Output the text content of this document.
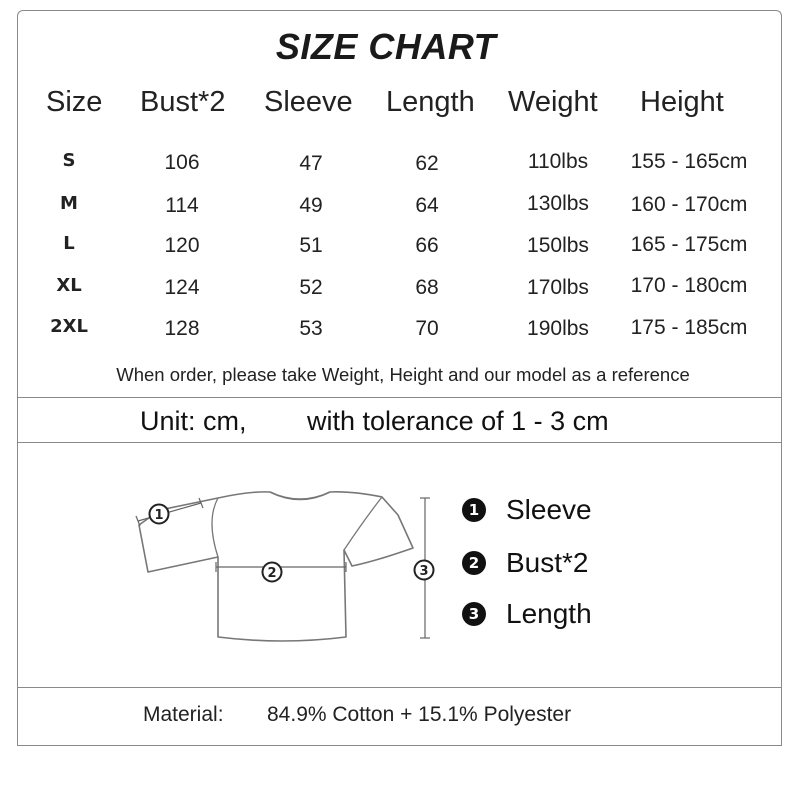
SIZE CHART
Size Bust*2 Sleeve Length Weight Height
S	106	47	62	110lbs	155 - 165cm
M	114	49	64	130lbs	160 - 170cm
L	120	51	66	150lbs	165 - 175cm
XL	124	52	68	170lbs	170 - 180cm
2XL	128	53	70	190lbs	175 - 185cm
When order, please take Weight, Height and our model as a reference
Unit: cm, with tolerance of 1 - 3 cm
1
2	3
1 Sleeve
2 Bust*2
3 Length
Material: 84.9% Cotton + 15.1% Polyester
